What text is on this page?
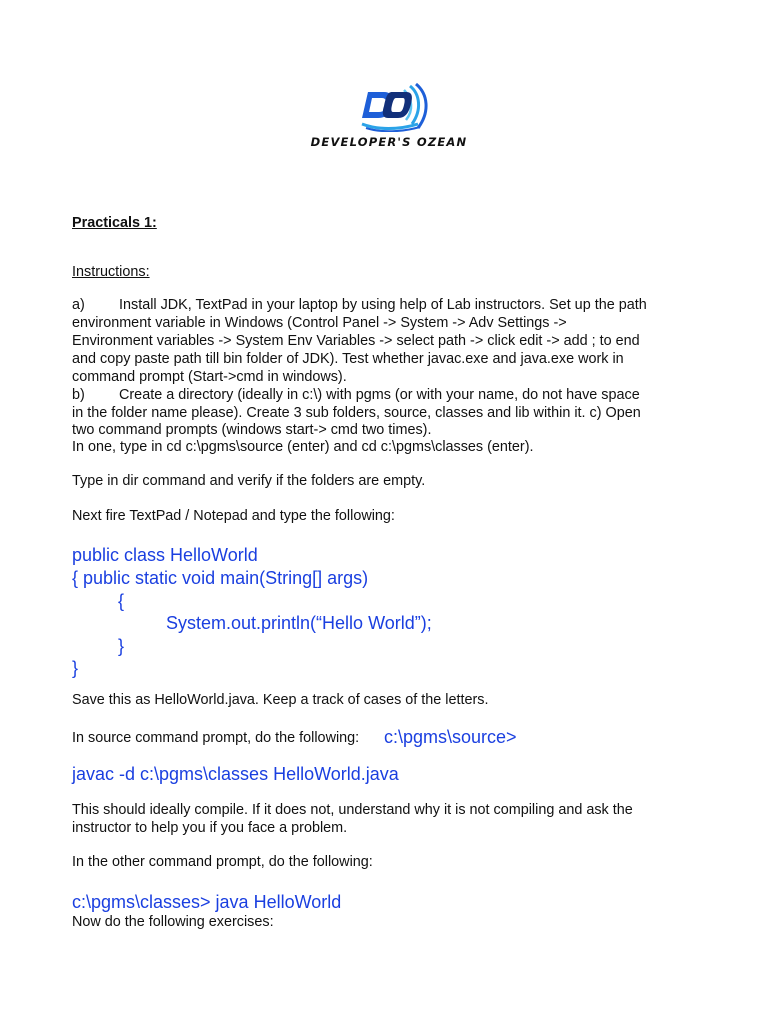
DEVELOPER'S OZEAN
Practicals 1:
Instructions:
a) Install JDK, TextPad in your laptop by using help of Lab instructors. Set up the path
environment variable in Windows (Control Panel -> System -> Adv Settings ->
Environment variables -> System Env Variables -> select path -> click edit -> add ; to end
and copy paste path till bin folder of JDK). Test whether javac.exe and java.exe work in
command prompt (Start->cmd in windows).
b) Create a directory (ideally in c:\) with pgms (or with your name, do not have space
in the folder name please). Create 3 sub folders, source, classes and lib within it. c) Open
two command prompts (windows start-> cmd two times).
In one, type in cd c:\pgms\source (enter) and cd c:\pgms\classes (enter).
Type in dir command and verify if the folders are empty.
Next fire TextPad / Notepad and type the following:
public class HelloWorld
{ public static void main(String[] args)
{
System.out.println(“Hello World”);
}
}
Save this as HelloWorld.java. Keep a track of cases of the letters.
In source command prompt, do the following: c:\pgms\source>
javac -d c:\pgms\classes HelloWorld.java
This should ideally compile. If it does not, understand why it is not compiling and ask the
instructor to help you if you face a problem.
In the other command prompt, do the following:
c:\pgms\classes> java HelloWorld
Now do the following exercises:
